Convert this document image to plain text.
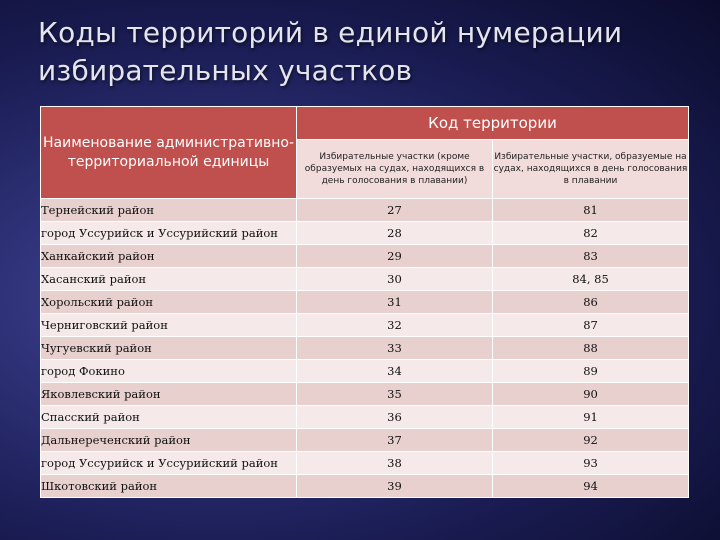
Коды территорий в единой нумерации
избирательных участков
Наименование административно-территориальной единицы	Код территории	
	Избирательные участки (кроме образуемых на судах, находящихся в день голосования в плавании)	Избирательные участки, образуемые на судах, находящихся в день голосования в плавании
Тернейский район	27	81
город Уссурийск и Уссурийский район	28	82
Ханкайский район	29	83
Хасанский район	30	84, 85
Хорольский район	31	86
Черниговский район	32	87
Чугуевский район	33	88
город Фокино	34	89
Яковлевский район	35	90
Спасский район	36	91
Дальнереченский район	37	92
город Уссурийск и Уссурийский район	38	93
Шкотовский район	39	94
